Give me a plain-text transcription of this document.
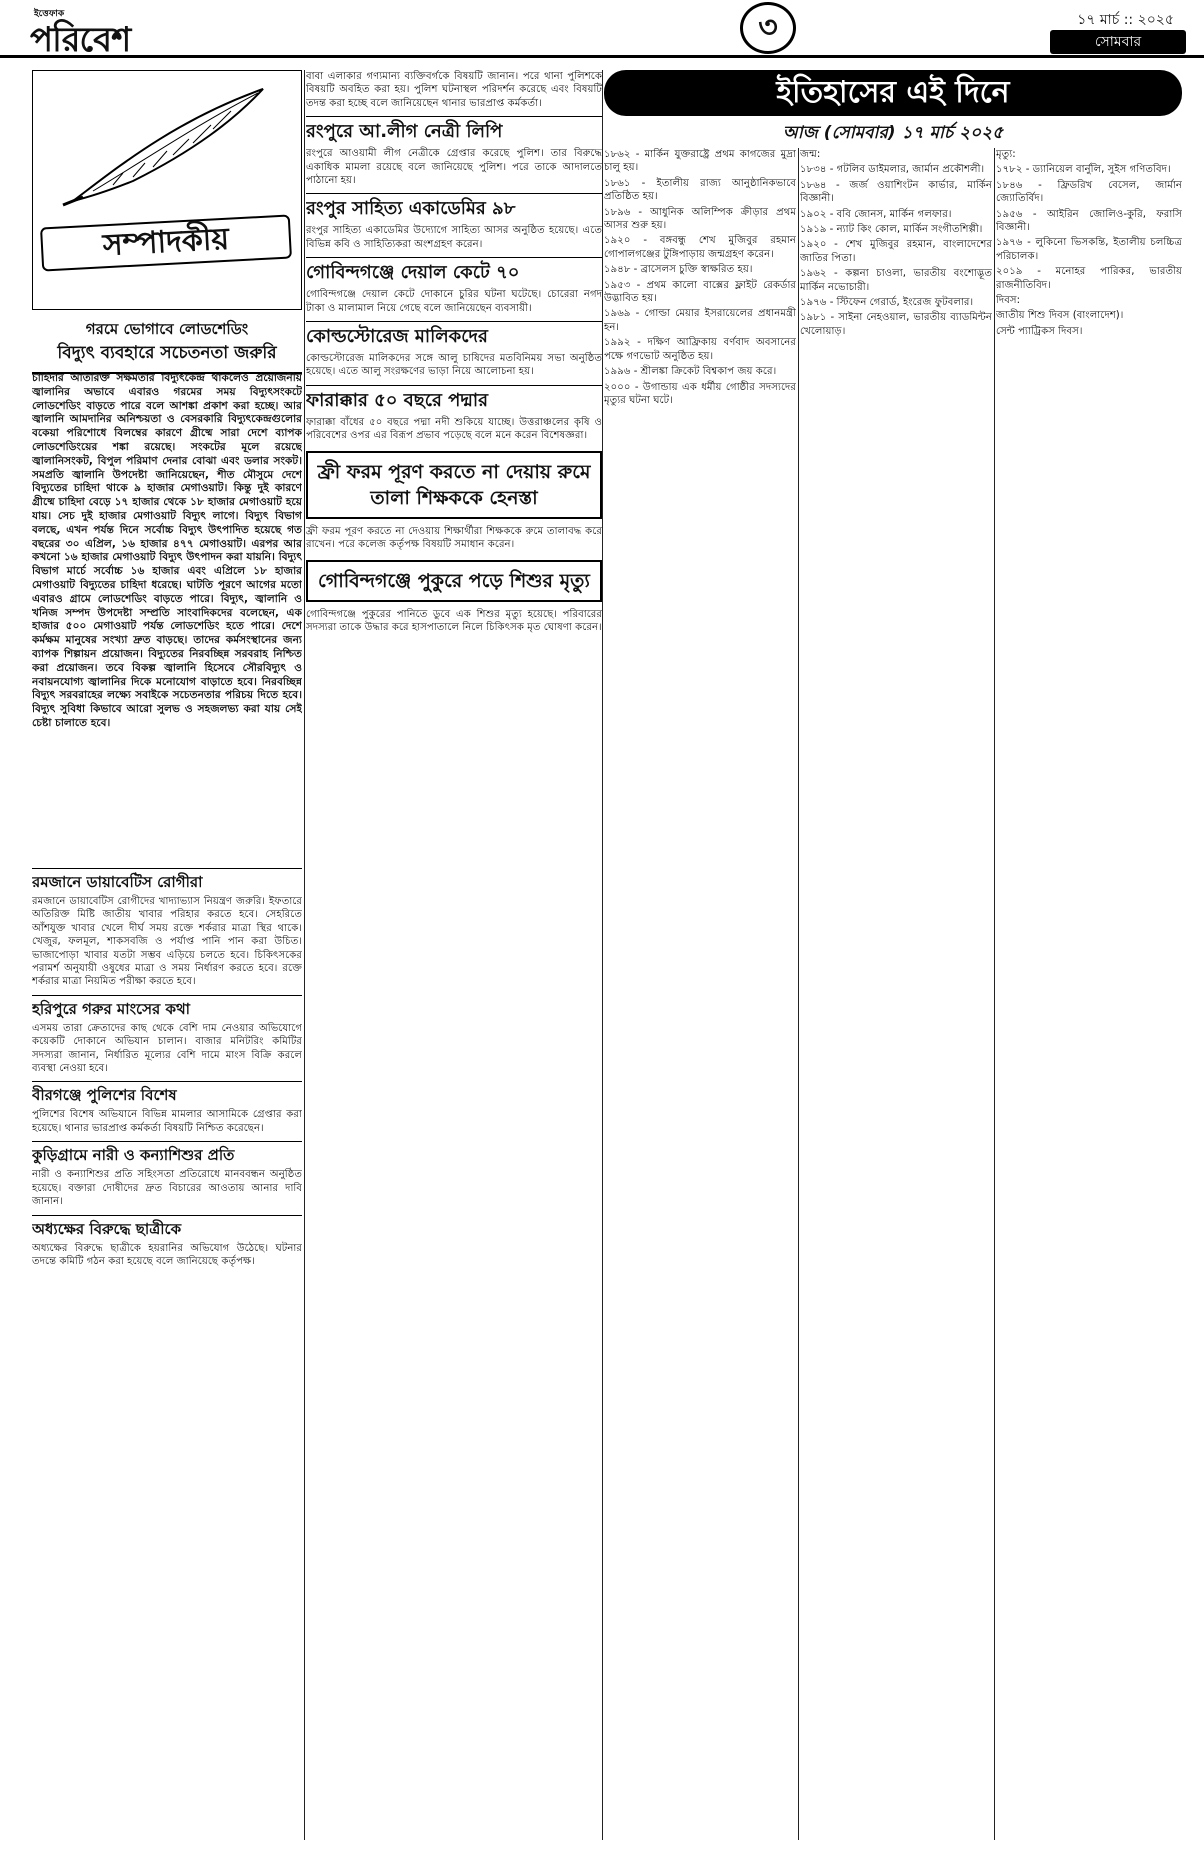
ইত্তেফাক
পরিবেশ	৩	১৭ মার্চ :: ২০২৫
সোমবার
সম্পাদকীয়
গরমে ভোগাবে লোডশেডিং
বিদ্যুৎ ব্যবহারে সচেতনতা জরুরি
চাহিদার অতিরিক্ত সক্ষমতার বিদ্যুৎকেন্দ্র থাকলেও প্রয়োজনীয় জ্বালানির অভাবে এবারও গরমের সময় বিদ্যুৎসংকটে লোডশেডিং বাড়তে পারে বলে আশঙ্কা প্রকাশ করা হচ্ছে। আর জ্বালানি আমদানির অনিশ্চয়তা ও বেসরকারি বিদ্যুৎকেন্দ্রগুলোর বকেয়া পরিশোধে বিলম্বের কারণে গ্রীষ্মে সারা দেশে ব্যাপক লোডশেডিংয়ের শঙ্কা রয়েছে। সংকটের মূলে রয়েছে জ্বালানিসংকট, বিপুল পরিমাণ দেনার বোঝা এবং ডলার সংকট। সমপ্রতি জ্বালানি উপদেষ্টা জানিয়েছেন, শীত মৌসুমে দেশে বিদ্যুতের চাহিদা থাকে ৯ হাজার মেগাওয়াট। কিন্তু দুই কারণে গ্রীষ্মে চাহিদা বেড়ে ১৭ হাজার থেকে ১৮ হাজার মেগাওয়াট হয়ে যায়। সেচ দুই হাজার মেগাওয়াট বিদ্যুৎ লাগে। বিদ্যুৎ বিভাগ বলছে, এখন পর্যন্ত দিনে সর্বোচ্চ বিদ্যুৎ উৎপাদিত হয়েছে গত বছরের ৩০ এপ্রিল, ১৬ হাজার ৪৭৭ মেগাওয়াট। এরপর আর কখনো ১৬ হাজার মেগাওয়াট বিদ্যুৎ উৎপাদন করা যায়নি। বিদ্যুৎ বিভাগ মার্চে সর্বোচ্চ ১৬ হাজার এবং এপ্রিলে ১৮ হাজার মেগাওয়াট বিদ্যুতের চাহিদা ধরেছে। ঘাটতি পূরণে আগের মতো এবারও গ্রামে লোডশেডিং বাড়তে পারে। বিদ্যুৎ, জ্বালানি ও খনিজ সম্পদ উপদেষ্টা সম্প্রতি সাংবাদিকদের বলেছেন, এক হাজার ৫০০ মেগাওয়াট পর্যন্ত লোডশেডিং হতে পারে। দেশে কর্মক্ষম মানুষের সংখ্যা দ্রুত বাড়ছে। তাদের কর্মসংস্থানের জন্য ব্যাপক শিল্পায়ন প্রয়োজন। বিদ্যুতের নিরবচ্ছিন্ন সরবরাহ নিশ্চিত করা প্রয়োজন। তবে বিকল্প জ্বালানি হিসেবে সৌরবিদ্যুৎ ও নবায়নযোগ্য জ্বালানির দিকে মনোযোগ বাড়াতে হবে। নিরবচ্ছিন্ন বিদ্যুৎ সরবরাহের লক্ষ্যে সবাইকে সচেতনতার পরিচয় দিতে হবে। বিদ্যুৎ সুবিধা কিভাবে আরো সুলভ ও সহজলভ্য করা যায় সেই চেষ্টা চালাতে হবে।
রমজানে ডায়াবেটিস রোগীরা

রমজানে ডায়াবেটিস রোগীদের খাদ্যাভ্যাস নিয়ন্ত্রণ জরুরি। ইফতারে অতিরিক্ত মিষ্টি জাতীয় খাবার পরিহার করতে হবে। সেহরিতে আঁশযুক্ত খাবার খেলে দীর্ঘ সময় রক্তে শর্করার মাত্রা স্থির থাকে। খেজুর, ফলমূল, শাকসবজি ও পর্যাপ্ত পানি পান করা উচিত। ভাজাপোড়া খাবার যতটা সম্ভব এড়িয়ে চলতে হবে। চিকিৎসকের পরামর্শ অনুযায়ী ওষুধের মাত্রা ও সময় নির্ধারণ করতে হবে। রক্তে শর্করার মাত্রা নিয়মিত পরীক্ষা করতে হবে।

হরিপুরে গরুর মাংসের কথা

এসময় তারা ক্রেতাদের কাছ থেকে বেশি দাম নেওয়ার অভিযোগে কয়েকটি দোকানে অভিযান চালান। বাজার মনিটরিং কমিটির সদস্যরা জানান, নির্ধারিত মূল্যের বেশি দামে মাংস বিক্রি করলে ব্যবস্থা নেওয়া হবে।

বীরগঞ্জে পুলিশের বিশেষ

পুলিশের বিশেষ অভিযানে বিভিন্ন মামলার আসামিকে গ্রেপ্তার করা হয়েছে। থানার ভারপ্রাপ্ত কর্মকর্তা বিষয়টি নিশ্চিত করেছেন।

কুড়িগ্রামে নারী ও কন্যাশিশুর প্রতি

নারী ও কন্যাশিশুর প্রতি সহিংসতা প্রতিরোধে মানববন্ধন অনুষ্ঠিত হয়েছে। বক্তারা দোষীদের দ্রুত বিচারের আওতায় আনার দাবি জানান।

অধ্যক্ষের বিরুদ্ধে ছাত্রীকে

অধ্যক্ষের বিরুদ্ধে ছাত্রীকে হয়রানির অভিযোগ উঠেছে। ঘটনার তদন্তে কমিটি গঠন করা হয়েছে বলে জানিয়েছে কর্তৃপক্ষ।

বাবা এলাকার গণ্যমান্য ব্যক্তিবর্গকে বিষয়টি জানান। পরে থানা পুলিশকে বিষয়টি অবহিত করা হয়। পুলিশ ঘটনাস্থল পরিদর্শন করেছে এবং বিষয়টি তদন্ত করা হচ্ছে বলে জানিয়েছেন থানার ভারপ্রাপ্ত কর্মকর্তা।

রংপুরে আ.লীগ নেত্রী লিপি

রংপুরে আওয়ামী লীগ নেত্রীকে গ্রেপ্তার করেছে পুলিশ। তার বিরুদ্ধে একাধিক মামলা রয়েছে বলে জানিয়েছে পুলিশ। পরে তাকে আদালতে পাঠানো হয়।

রংপুর সাহিত্য একাডেমির ৯৮

রংপুর সাহিত্য একাডেমির উদ্যোগে সাহিত্য আসর অনুষ্ঠিত হয়েছে। এতে বিভিন্ন কবি ও সাহিত্যিকরা অংশগ্রহণ করেন।

গোবিন্দগঞ্জে দেয়াল কেটে ৭০

গোবিন্দগঞ্জে দেয়াল কেটে দোকানে চুরির ঘটনা ঘটেছে। চোরেরা নগদ টাকা ও মালামাল নিয়ে গেছে বলে জানিয়েছেন ব্যবসায়ী।

কোল্ডস্টোরেজ মালিকদের

কোল্ডস্টোরেজ মালিকদের সঙ্গে আলু চাষিদের মতবিনিময় সভা অনুষ্ঠিত হয়েছে। এতে আলু সংরক্ষণের ভাড়া নিয়ে আলোচনা হয়।

ফারাক্কার ৫০ বছরে পদ্মার

ফারাক্কা বাঁধের ৫০ বছরে পদ্মা নদী শুকিয়ে যাচ্ছে। উত্তরাঞ্চলের কৃষি ও পরিবেশের ওপর এর বিরূপ প্রভাব পড়েছে বলে মনে করেন বিশেষজ্ঞরা।

ফ্রী ফরম পূরণ করতে না দেয়ায় রুমে তালা শিক্ষককে হেনস্তা

ফ্রী ফরম পূরণ করতে না দেওয়ায় শিক্ষার্থীরা শিক্ষককে রুমে তালাবদ্ধ করে রাখেন। পরে কলেজ কর্তৃপক্ষ বিষয়টি সমাধান করেন।

গোবিন্দগঞ্জে পুকুরে পড়ে শিশুর মৃত্যু

গোবিন্দগঞ্জে পুকুরের পানিতে ডুবে এক শিশুর মৃত্যু হয়েছে। পরিবারের সদস্যরা তাকে উদ্ধার করে হাসপাতালে নিলে চিকিৎসক মৃত ঘোষণা করেন।

ইতিহাসের এই দিনে
আজ (সোমবার) ১৭ মার্চ ২০২৫

১৮৬২ - মার্কিন যুক্তরাষ্ট্রে প্রথম কাগজের মুদ্রা চালু হয়।

১৮৬১ - ইতালীয় রাজ্য আনুষ্ঠানিকভাবে প্রতিষ্ঠিত হয়।

১৮৯৬ - আধুনিক অলিম্পিক ক্রীড়ার প্রথম আসর শুরু হয়।

১৯২০ - বঙ্গবন্ধু শেখ মুজিবুর রহমান গোপালগঞ্জের টুঙ্গিপাড়ায় জন্মগ্রহণ করেন।

১৯৪৮ - ব্রাসেলস চুক্তি স্বাক্ষরিত হয়।

১৯৫৩ - প্রথম কালো বাক্সের ফ্লাইট রেকর্ডার উদ্ভাবিত হয়।

১৯৬৯ - গোল্ডা মেয়ার ইসরায়েলের প্রধানমন্ত্রী হন।

১৯৯২ - দক্ষিণ আফ্রিকায় বর্ণবাদ অবসানের পক্ষে গণভোট অনুষ্ঠিত হয়।

১৯৯৬ - শ্রীলঙ্কা ক্রিকেট বিশ্বকাপ জয় করে।

২০০০ - উগান্ডায় এক ধর্মীয় গোষ্ঠীর সদস্যদের মৃত্যুর ঘটনা ঘটে।

জন্ম:

১৮৩৪ - গটলিব ডাইমলার, জার্মান প্রকৌশলী।

১৮৬৪ - জর্জ ওয়াশিংটন কার্ভার, মার্কিন বিজ্ঞানী।

১৯০২ - ববি জোনস, মার্কিন গলফার।

১৯১৯ - ন্যাট কিং কোল, মার্কিন সংগীতশিল্পী।

১৯২০ - শেখ মুজিবুর রহমান, বাংলাদেশের জাতির পিতা।

১৯৬২ - কল্পনা চাওলা, ভারতীয় বংশোদ্ভূত মার্কিন নভোচারী।

১৯৭৬ - স্টিফেন গেরার্ড, ইংরেজ ফুটবলার।

১৯৮১ - সাইনা নেহওয়াল, ভারতীয় ব্যাডমিন্টন খেলোয়াড়।

মৃত্যু:

১৭৮২ - ড্যানিয়েল বার্নুলি, সুইস গণিতবিদ।

১৮৪৬ - ফ্রিডরিখ বেসেল, জার্মান জ্যোতির্বিদ।

১৯৫৬ - আইরিন জোলিও-কুরি, ফরাসি বিজ্ঞানী।

১৯৭৬ - লুকিনো ভিসকন্তি, ইতালীয় চলচ্চিত্র পরিচালক।

২০১৯ - মনোহর পারিকর, ভারতীয় রাজনীতিবিদ।

দিবস:

জাতীয় শিশু দিবস (বাংলাদেশ)।

সেন্ট প্যাট্রিকস দিবস।
